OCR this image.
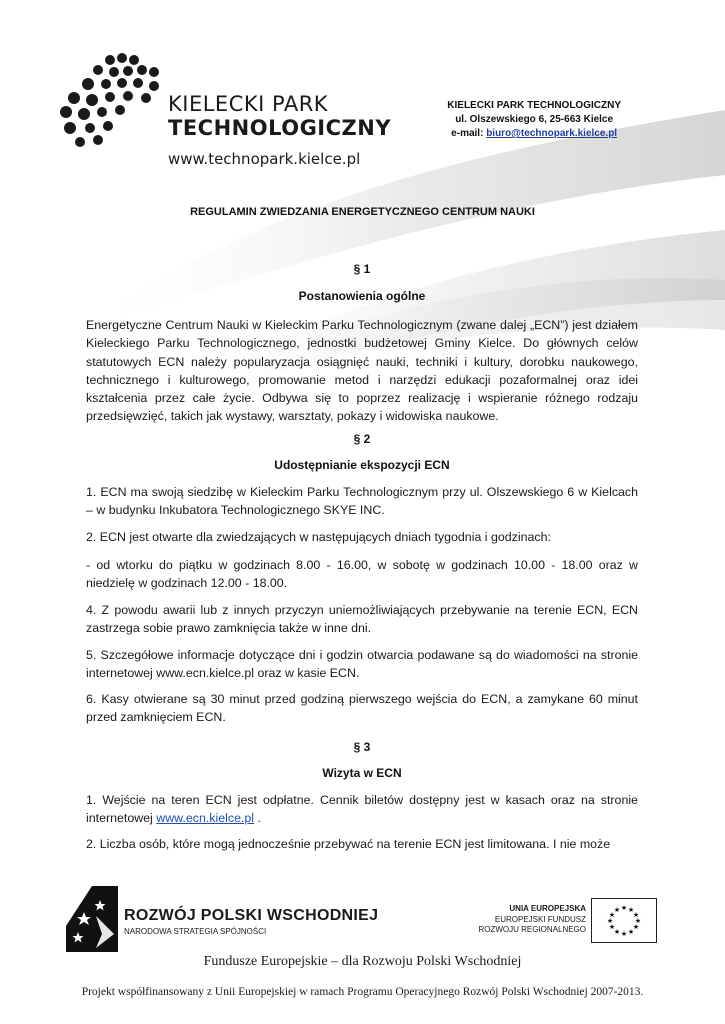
KIELECKI PARK
TECHNOLOGICZNY
www.technopark.kielce.pl
KIELECKI PARK TECHNOLOGICZNY
ul. Olszewskiego 6, 25-663 Kielce
e-mail: biuro@technopark.kielce.pl
REGULAMIN ZWIEDZANIA ENERGETYCZNEGO CENTRUM NAUKI
§ 1
Postanowienia ogólne
Energetyczne Centrum Nauki w Kieleckim Parku Technologicznym (zwane dalej „ECN”) jest działem Kieleckiego Parku Technologicznego, jednostki budżetowej Gminy Kielce. Do głównych celów statutowych ECN należy popularyzacja osiągnięć nauki, techniki i kultury, dorobku naukowego, technicznego i kulturowego, promowanie metod i narzędzi edukacji pozaformalnej oraz idei kształcenia przez całe życie. Odbywa się to poprzez realizację i wspieranie różnego rodzaju przedsięwzięć, takich jak wystawy, warsztaty, pokazy i widowiska naukowe.
§ 2
Udostępnianie ekspozycji ECN
1. ECN ma swoją siedzibę w Kieleckim Parku Technologicznym przy ul. Olszewskiego 6 w Kielcach – w budynku Inkubatora Technologicznego SKYE INC.
2. ECN jest otwarte dla zwiedzających w następujących dniach tygodnia i godzinach:
- od wtorku do piątku w godzinach 8.00 - 16.00, w sobotę w godzinach 10.00 - 18.00 oraz w niedzielę w godzinach 12.00 - 18.00.
4. Z powodu awarii lub z innych przyczyn uniemożliwiających przebywanie na terenie ECN, ECN zastrzega sobie prawo zamknięcia także w inne dni.
5. Szczegółowe informacje dotyczące dni i godzin otwarcia podawane są do wiadomości na stronie internetowej www.ecn.kielce.pl oraz w kasie ECN.
6. Kasy otwierane są 30 minut przed godziną pierwszego wejścia do ECN, a zamykane 60 minut przed zamknięciem ECN.
§ 3
Wizyta w ECN
1. Wejście na teren ECN jest odpłatne. Cennik biletów dostępny jest w kasach oraz na stronie internetowej www.ecn.kielce.pl .
2. Liczba osób, które mogą jednocześnie przebywać na terenie ECN jest limitowana. I nie może
ROZWÓJ POLSKI WSCHODNIEJ
NARODOWA STRATEGIA SPÓJNOŚCI
UNIA EUROPEJSKA
EUROPEJSKI FUNDUSZ
ROZWOJU REGIONALNEGO
★ ★
★
★
★
★
★
★
★
★
★
★
Fundusze Europejskie – dla Rozwoju Polski Wschodniej
Projekt współfinansowany z Unii Europejskiej w ramach Programu Operacyjnego Rozwój Polski Wschodniej 2007-2013.
